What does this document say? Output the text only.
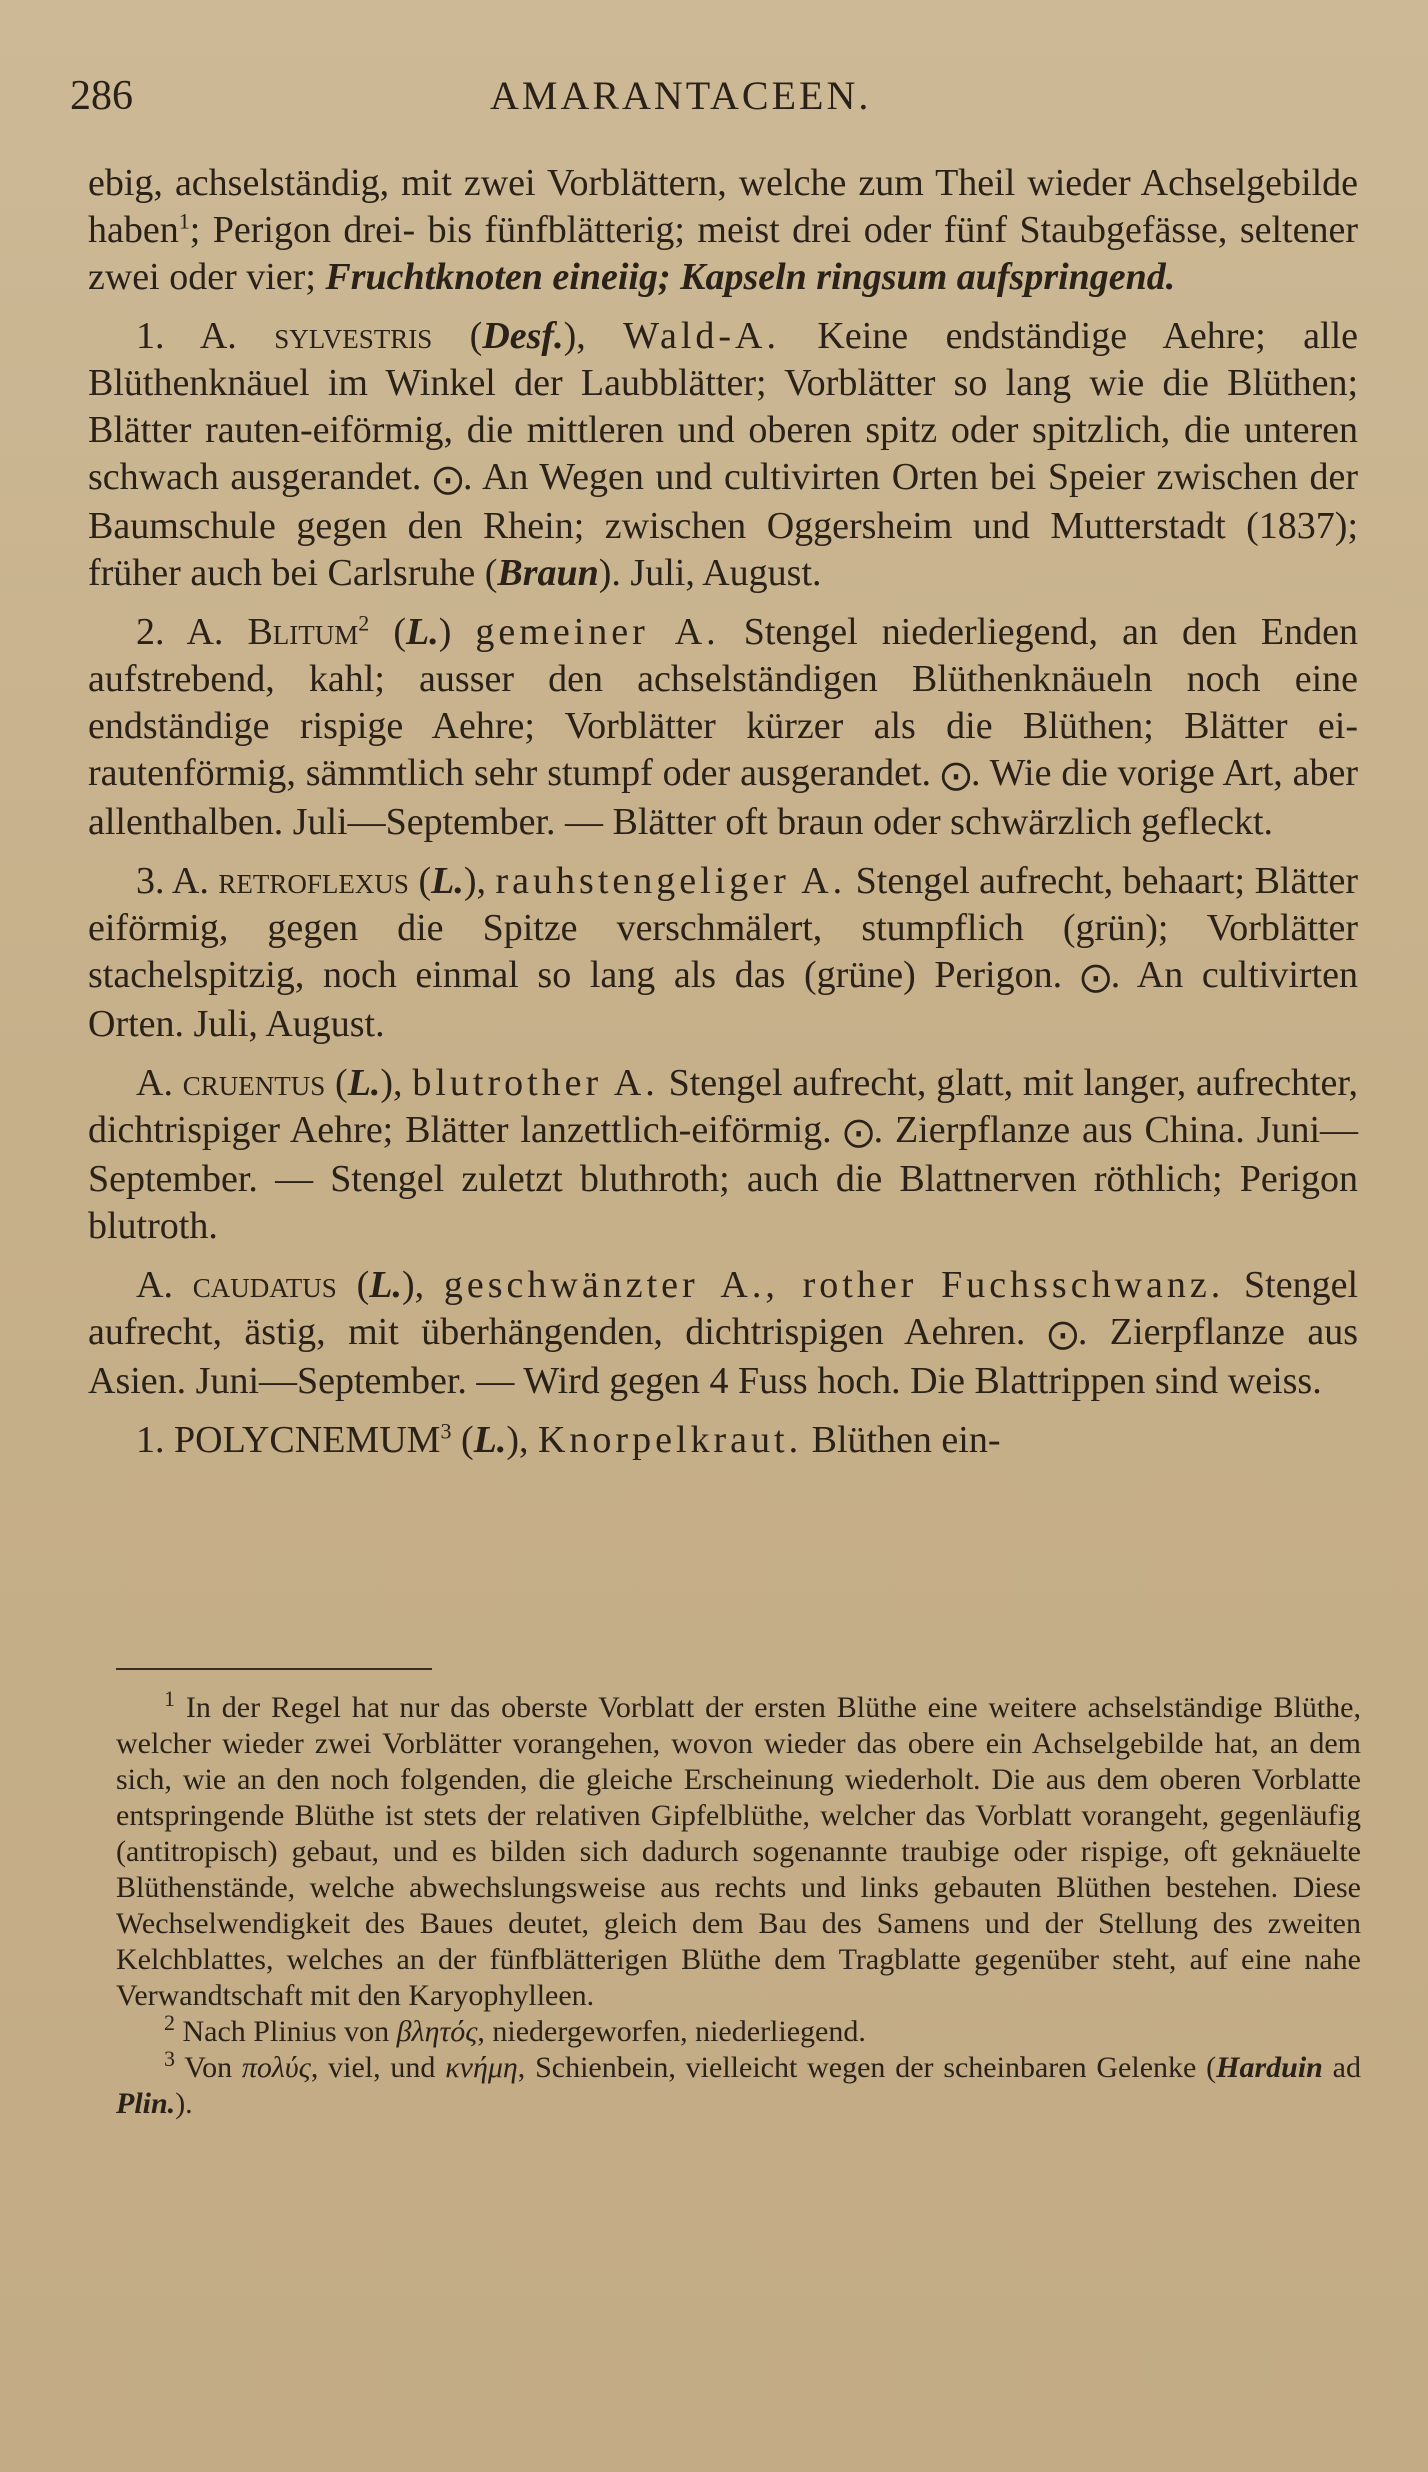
286	AMARANTACEEN.

ebig, achselständig, mit zwei Vorblättern, welche zum Theil wieder Achselgebilde haben$^1$; Perigon drei- bis fünfblätterig; meist drei oder fünf Staubgefässe, seltener zwei oder vier; Fruchtknoten eineiig; Kapseln ringsum aufspringend.

1. A. sylvestris (Desf.), Wald-A. Keine endständige Aehre; alle Blüthenknäuel im Winkel der Laubblätter; Vorblätter so lang wie die Blüthen; Blätter rauten-eiförmig, die mittleren und oberen spitz oder spitzlich, die unteren schwach ausgerandet. ⨀. An Wegen und cultivirten Orten bei Speier zwischen der Baumschule gegen den Rhein; zwischen Oggersheim und Mutterstadt (1837); früher auch bei Carlsruhe (Braun). Juli, August.

2. A. Blitum$^2$ (L.) gemeiner A. Stengel niederliegend, an den Enden aufstrebend, kahl; ausser den achselständigen Blüthenknäueln noch eine endständige rispige Aehre; Vorblätter kürzer als die Blüthen; Blätter ei-rautenförmig, sämmtlich sehr stumpf oder ausgerandet. ⨀. Wie die vorige Art, aber allenthalben. Juli—September. — Blätter oft braun oder schwärzlich gefleckt.

3. A. retroflexus (L.), rauhstengeliger A. Stengel aufrecht, behaart; Blätter eiförmig, gegen die Spitze verschmälert, stumpflich (grün); Vorblätter stachelspitzig, noch einmal so lang als das (grüne) Perigon. ⨀. An cultivirten Orten. Juli, August.

A. cruentus (L.), blutrother A. Stengel aufrecht, glatt, mit langer, aufrechter, dichtrispiger Aehre; Blätter lanzettlich-eiförmig. ⨀. Zierpflanze aus China. Juni—September. — Stengel zuletzt bluthroth; auch die Blattnerven röthlich; Perigon blutroth.

A. caudatus (L.), geschwänzter A., rother Fuchsschwanz. Stengel aufrecht, ästig, mit überhängenden, dichtrispigen Aehren. ⨀. Zierpflanze aus Asien. Juni—September. — Wird gegen 4 Fuss hoch. Die Blattrippen sind weiss.

1. POLYCNEMUM$^3$ (L.), Knorpelkraut. Blüthen ein-

$^1$ In der Regel hat nur das oberste Vorblatt der ersten Blüthe eine weitere achselständige Blüthe, welcher wieder zwei Vorblätter vorangehen, wovon wieder das obere ein Achselgebilde hat, an dem sich, wie an den noch folgenden, die gleiche Erscheinung wiederholt. Die aus dem oberen Vorblatte entspringende Blüthe ist stets der relativen Gipfelblüthe, welcher das Vorblatt vorangeht, gegenläufig (antitropisch) gebaut, und es bilden sich dadurch sogenannte traubige oder rispige, oft geknäuelte Blüthenstände, welche abwechslungsweise aus rechts und links gebauten Blüthen bestehen. Diese Wechselwendigkeit des Baues deutet, gleich dem Bau des Samens und der Stellung des zweiten Kelchblattes, welches an der fünfblätterigen Blüthe dem Tragblatte gegenüber steht, auf eine nahe Verwandtschaft mit den Karyophylleen.

$^2$ Nach Plinius von βλητός, niedergeworfen, niederliegend.

$^3$ Von πολύς, viel, und κνήμη, Schienbein, vielleicht wegen der scheinbaren Gelenke (Harduin ad Plin.).
